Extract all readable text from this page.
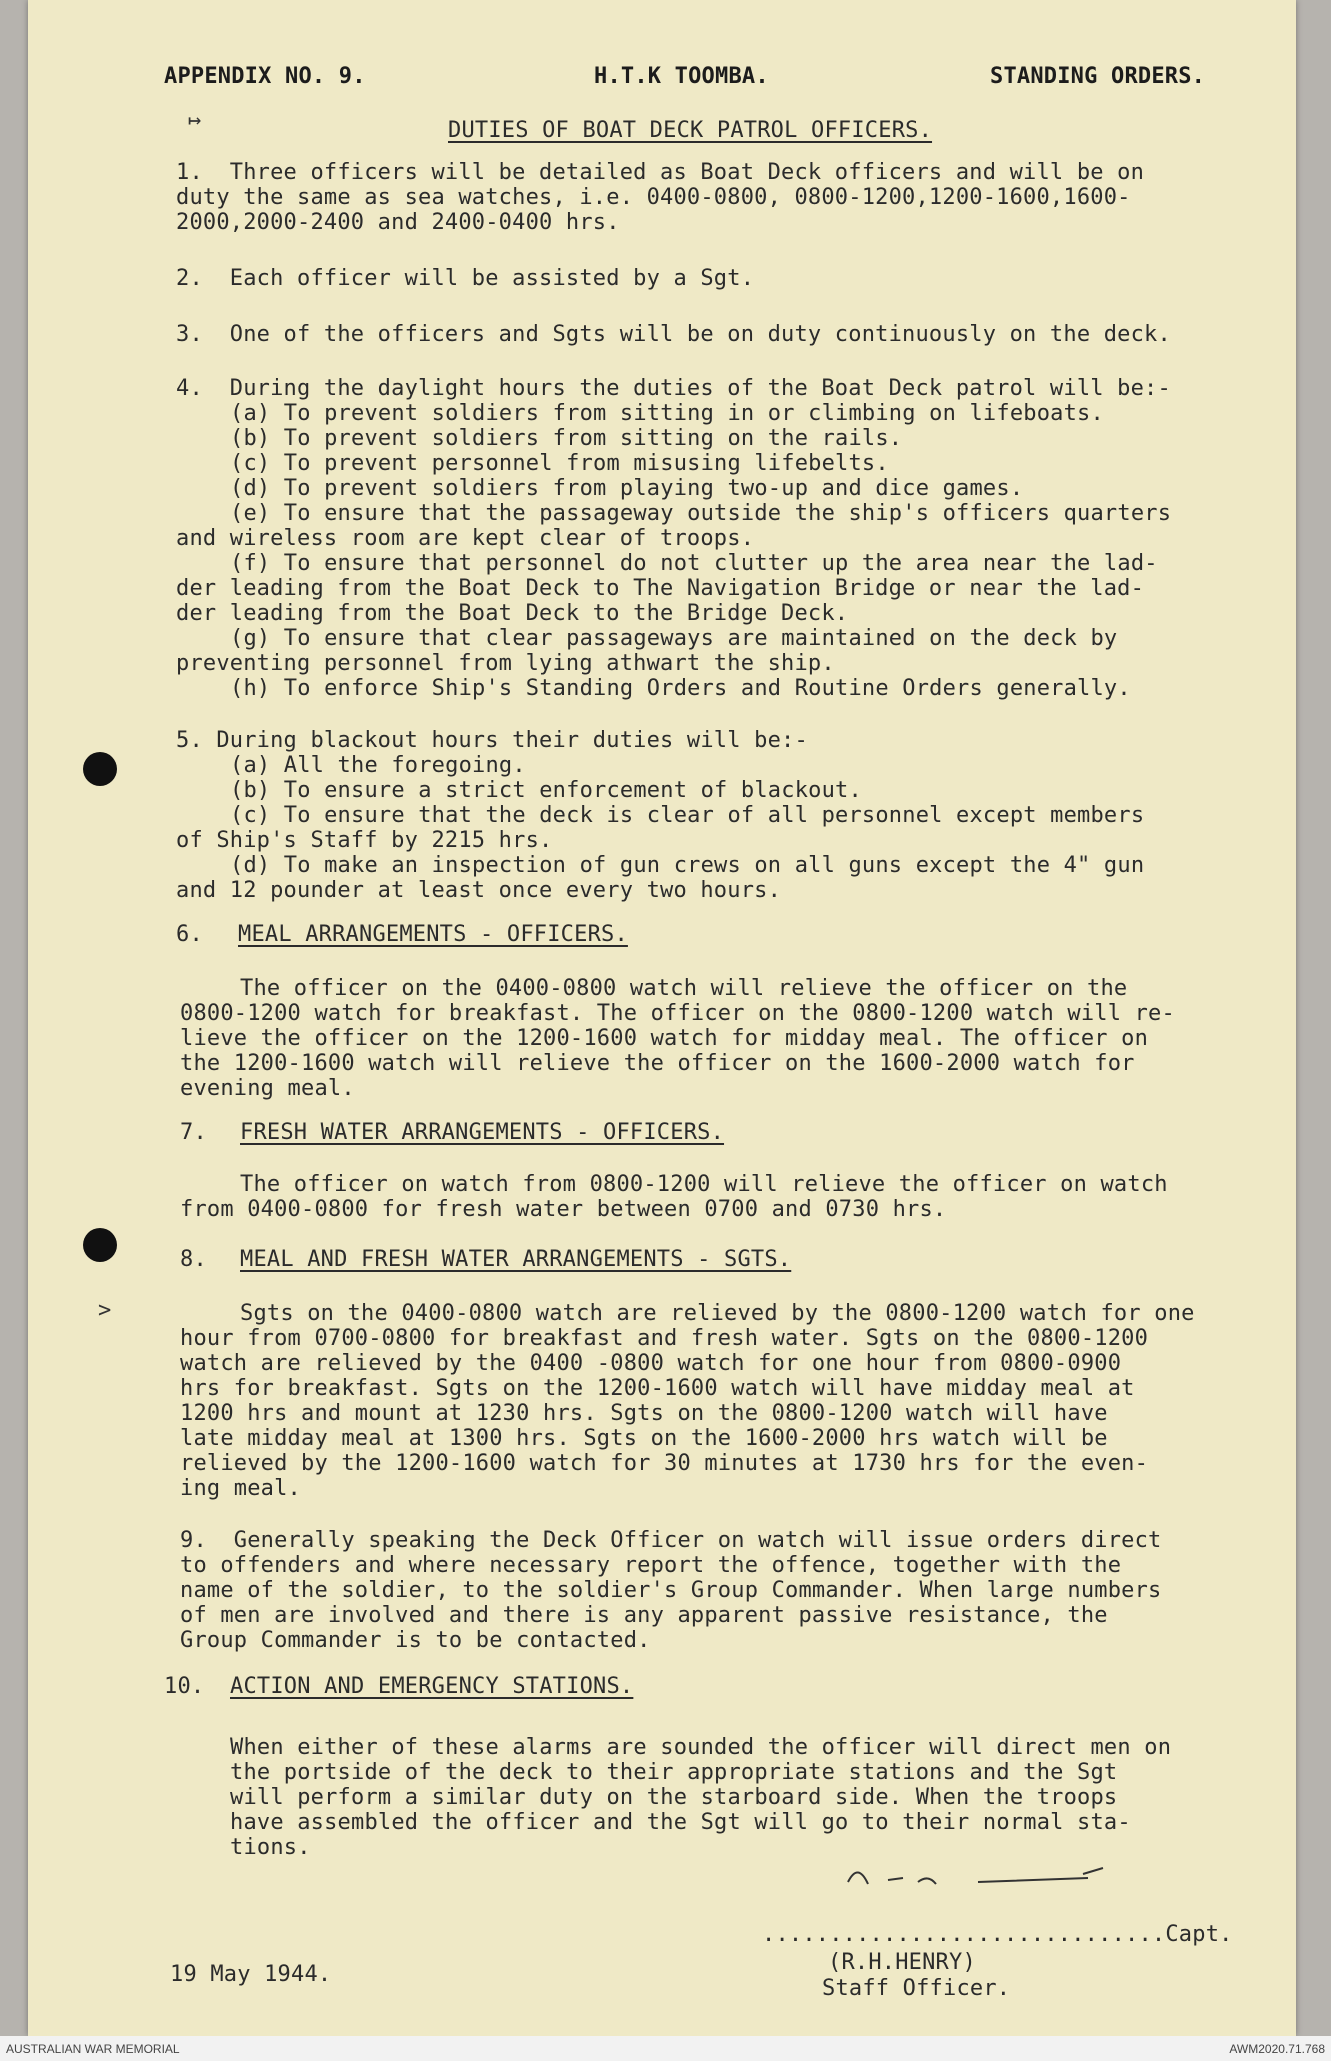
↦
>
APPENDIX NO. 9.	H.T.K TOOMBA.	STANDING ORDERS.
DUTIES OF BOAT DECK PATROL OFFICERS.
1.  Three officers will be detailed as Boat Deck officers and will be on
duty the same as sea watches, i.e. 0400-0800, 0800-1200,1200-1600,1600-
2000,2000-2400 and 2400-0400 hrs.
2.  Each officer will be assisted by a Sgt.
3.  One of the officers and Sgts will be on duty continuously on the deck.
4.  During the daylight hours the duties of the Boat Deck patrol will be:-
(a) To prevent soldiers from sitting in or climbing on lifeboats.
(b) To prevent soldiers from sitting on the rails.
(c) To prevent personnel from misusing lifebelts.
(d) To prevent soldiers from playing two-up and dice games.
(e) To ensure that the passageway outside the ship's officers quarters
and wireless room are kept clear of troops.
(f) To ensure that personnel do not clutter up the area near the lad-
der leading from the Boat Deck to The Navigation Bridge or near the lad-
der leading from the Boat Deck to the Bridge Deck.
(g) To ensure that clear passageways are maintained on the deck by
preventing personnel from lying athwart the ship.
(h) To enforce Ship's Standing Orders and Routine Orders generally.
5. During blackout hours their duties will be:-
(a) All the foregoing.
(b) To ensure a strict enforcement of blackout.
(c) To ensure that the deck is clear of all personnel except members
of Ship's Staff by 2215 hrs.
(d) To make an inspection of gun crews on all guns except the 4" gun
and 12 pounder at least once every two hours.
6. MEAL ARRANGEMENTS - OFFICERS.
The officer on the 0400-0800 watch will relieve the officer on the
0800-1200 watch for breakfast. The officer on the 0800-1200 watch will re-
lieve the officer on the 1200-1600 watch for midday meal. The officer on
the 1200-1600 watch will relieve the officer on the 1600-2000 watch for
evening meal.
7. FRESH WATER ARRANGEMENTS - OFFICERS.
The officer on watch from 0800-1200 will relieve the officer on watch
from 0400-0800 for fresh water between 0700 and 0730 hrs.
8. MEAL AND FRESH WATER ARRANGEMENTS - SGTS.
Sgts on the 0400-0800 watch are relieved by the 0800-1200 watch for one
hour from 0700-0800 for breakfast and fresh water. Sgts on the 0800-1200
watch are relieved by the 0400 -0800 watch for one hour from 0800-0900
hrs for breakfast. Sgts on the 1200-1600 watch will have midday meal at
1200 hrs and mount at 1230 hrs. Sgts on the 0800-1200 watch will have
late midday meal at 1300 hrs. Sgts on the 1600-2000 hrs watch will be
relieved by the 1200-1600 watch for 30 minutes at 1730 hrs for the even-
ing meal.
9.  Generally speaking the Deck Officer on watch will issue orders direct
to offenders and where necessary report the offence, together with the
name of the soldier, to the soldier's Group Commander. When large numbers
of men are involved and there is any apparent passive resistance, the
Group Commander is to be contacted.
10. ACTION AND EMERGENCY STATIONS.
When either of these alarms are sounded the officer will direct men on
the portside of the deck to their appropriate stations and the Sgt
will perform a similar duty on the starboard side. When the troops
have assembled the officer and the Sgt will go to their normal sta-
tions.
..............................Capt.
(R.H.HENRY)
Staff Officer.
19 May 1944.
AUSTRALIAN WAR MEMORIAL	AWM2020.71.768
